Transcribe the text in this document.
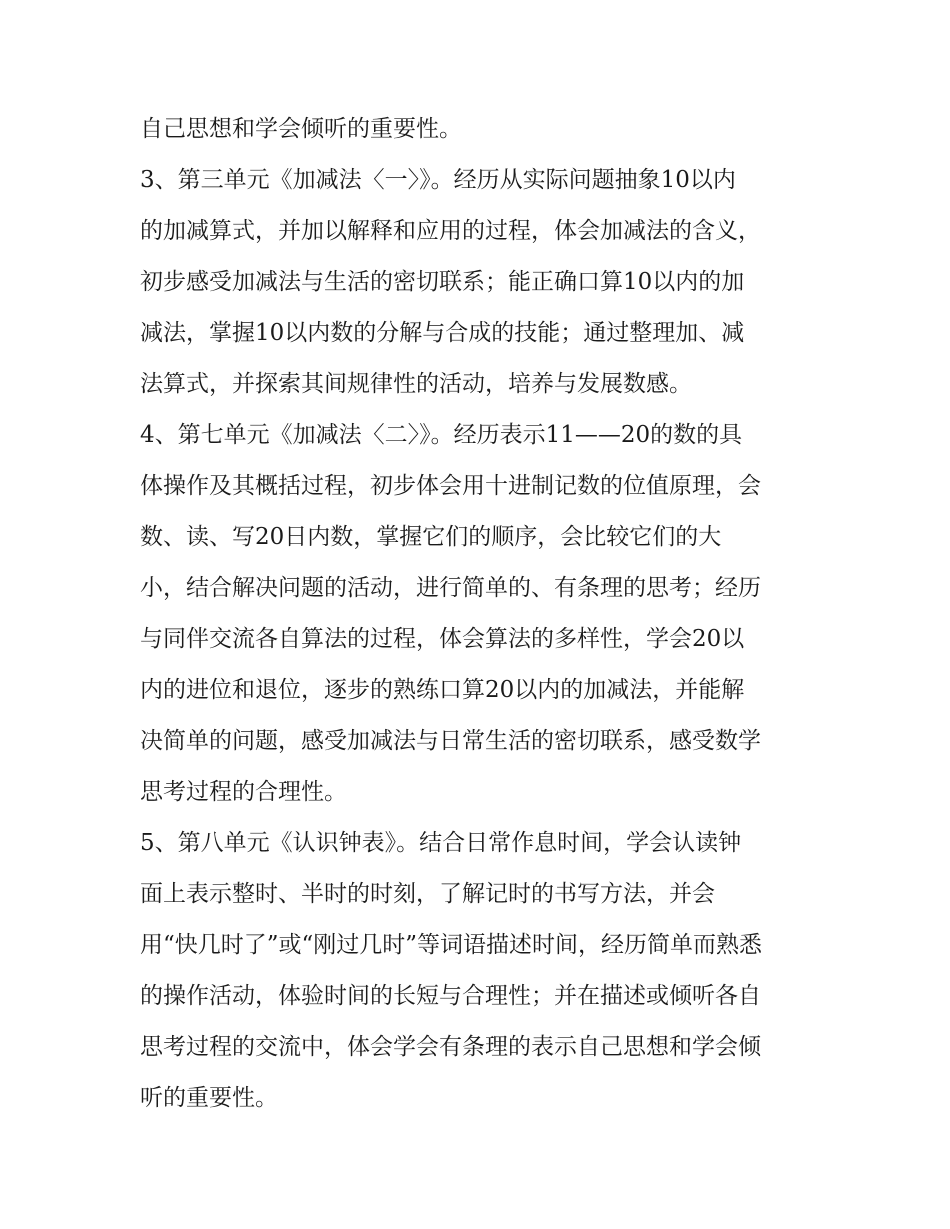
自己思想和学会倾听的重要性。
3、第三单元《加减法〈一〉》。经历从实际问题抽象10以内
的加减算式，并加以解释和应用的过程，体会加减法的含义，
初步感受加减法与生活的密切联系；能正确口算10以内的加
减法，掌握10以内数的分解与合成的技能；通过整理加、减
法算式，并探索其间规律性的活动，培养与发展数感。
4、第七单元《加减法〈二〉》。经历表示11——20的数的具
体操作及其概括过程，初步体会用十进制记数的位值原理，会
数、读、写20日内数，掌握它们的顺序，会比较它们的大
小，结合解决问题的活动，进行简单的、有条理的思考；经历
与同伴交流各自算法的过程，体会算法的多样性，学会20以
内的进位和退位，逐步的熟练口算20以内的加减法，并能解
决简单的问题，感受加减法与日常生活的密切联系，感受数学
思考过程的合理性。
5、第八单元《认识钟表》。结合日常作息时间，学会认读钟
面上表示整时、半时的时刻，了解记时的书写方法，并会
用“快几时了”或“刚过几时”等词语描述时间，经历简单而熟悉
的操作活动，体验时间的长短与合理性；并在描述或倾听各自
思考过程的交流中，体会学会有条理的表示自己思想和学会倾
听的重要性。
